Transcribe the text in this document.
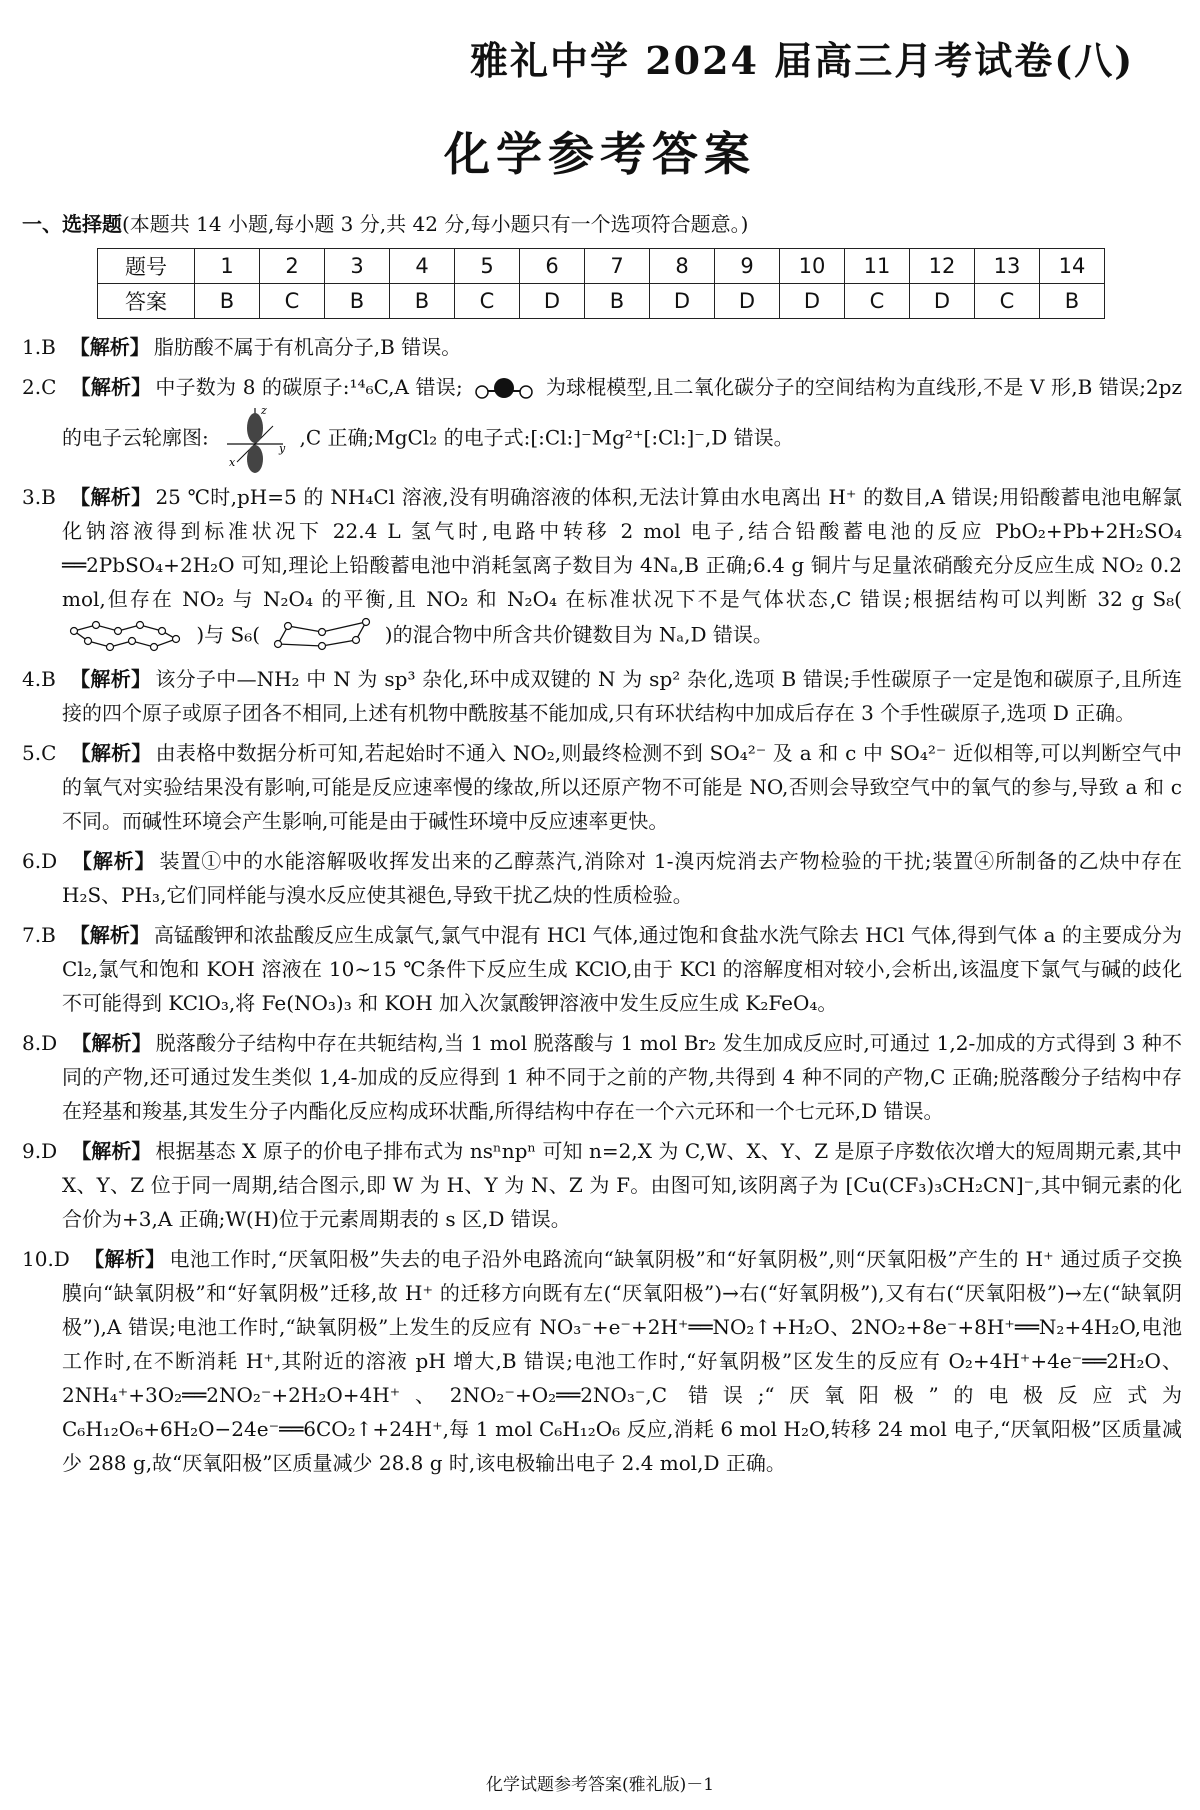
雅礼中学 2024 届高三月考试卷(八)
化学参考答案
一、选择题(本题共 14 小题,每小题 3 分,共 42 分,每小题只有一个选项符合题意。)
题号	1	2	3	4	5	6	7	8	9	10	11	12	13	14
答案	B	C	B	B	C	D	B	D	D	D	C	D	C	B
1.B 【解析】 脂肪酸不属于有机高分子,B 错误。
2.C 【解析】 中子数为 8 的碳原子:¹⁴₆C,A 错误;	为球棍模型,且二氧化碳分子的空间结构为直线形,不是 V 形,B 错误;2pz 的电子云轮廓图:
z
y
x
,C 正确;MgCl₂ 的电子式:[:Cl:]⁻Mg²⁺[:Cl:]⁻,D 错误。
3.B 【解析】 25 ℃时,pH=5 的 NH₄Cl 溶液,没有明确溶液的体积,无法计算由水电离出 H⁺ 的数目,A 错误;用铅酸蓄电池电解氯化钠溶液得到标准状况下 22.4 L 氢气时,电路中转移 2 mol 电子,结合铅酸蓄电池的反应 PbO₂+Pb+2H₂SO₄ ══2PbSO₄+2H₂O 可知,理论上铅酸蓄电池中消耗氢离子数目为 4Nₐ,B 正确;6.4 g 铜片与足量浓硝酸充分反应生成 NO₂ 0.2 mol,但存在 NO₂ 与 N₂O₄ 的平衡,且 NO₂ 和 N₂O₄ 在标准状况下不是气体状态,C 错误;根据结构可以判断 32 g S₈(  )与 S₆(	)的混合物中所含共价键数目为 Nₐ,D 错误。
4.B 【解析】 该分子中—NH₂ 中 N 为 sp³ 杂化,环中成双键的 N 为 sp² 杂化,选项 B 错误;手性碳原子一定是饱和碳原子,且所连接的四个原子或原子团各不相同,上述有机物中酰胺基不能加成,只有环状结构中加成后存在 3 个手性碳原子,选项 D 正确。
5.C 【解析】 由表格中数据分析可知,若起始时不通入 NO₂,则最终检测不到 SO₄²⁻ 及 a 和 c 中 SO₄²⁻ 近似相等,可以判断空气中的氧气对实验结果没有影响,可能是反应速率慢的缘故,所以还原产物不可能是 NO,否则会导致空气中的氧气的参与,导致 a 和 c 不同。而碱性环境会产生影响,可能是由于碱性环境中反应速率更快。
6.D 【解析】 装置①中的水能溶解吸收挥发出来的乙醇蒸汽,消除对 1-溴丙烷消去产物检验的干扰;装置④所制备的乙炔中存在 H₂S、PH₃,它们同样能与溴水反应使其褪色,导致干扰乙炔的性质检验。
7.B 【解析】 高锰酸钾和浓盐酸反应生成氯气,氯气中混有 HCl 气体,通过饱和食盐水洗气除去 HCl 气体,得到气体 a 的主要成分为 Cl₂,氯气和饱和 KOH 溶液在 10~15 ℃条件下反应生成 KClO,由于 KCl 的溶解度相对较小,会析出,该温度下氯气与碱的歧化不可能得到 KClO₃,将 Fe(NO₃)₃ 和 KOH 加入次氯酸钾溶液中发生反应生成 K₂FeO₄。
8.D 【解析】 脱落酸分子结构中存在共轭结构,当 1 mol 脱落酸与 1 mol Br₂ 发生加成反应时,可通过 1,2-加成的方式得到 3 种不同的产物,还可通过发生类似 1,4-加成的反应得到 1 种不同于之前的产物,共得到 4 种不同的产物,C 正确;脱落酸分子结构中存在羟基和羧基,其发生分子内酯化反应构成环状酯,所得结构中存在一个六元环和一个七元环,D 错误。
9.D 【解析】 根据基态 X 原子的价电子排布式为 nsⁿnpⁿ 可知 n=2,X 为 C,W、X、Y、Z 是原子序数依次增大的短周期元素,其中 X、Y、Z 位于同一周期,结合图示,即 W 为 H、Y 为 N、Z 为 F。由图可知,该阴离子为 [Cu(CF₃)₃CH₂CN]⁻,其中铜元素的化合价为+3,A 正确;W(H)位于元素周期表的 s 区,D 错误。
10.D 【解析】 电池工作时,“厌氧阳极”失去的电子沿外电路流向“缺氧阴极”和“好氧阴极”,则“厌氧阳极”产生的 H⁺ 通过质子交换膜向“缺氧阴极”和“好氧阴极”迁移,故 H⁺ 的迁移方向既有左(“厌氧阳极”)→右(“好氧阴极”),又有右(“厌氧阳极”)→左(“缺氧阴极”),A 错误;电池工作时,“缺氧阴极”上发生的反应有 NO₃⁻+e⁻+2H⁺══NO₂↑+H₂O、2NO₂+8e⁻+8H⁺══N₂+4H₂O,电池工作时,在不断消耗 H⁺,其附近的溶液 pH 增大,B 错误;电池工作时,“好氧阴极”区发生的反应有 O₂+4H⁺+4e⁻══2H₂O、2NH₄⁺+3O₂══2NO₂⁻+2H₂O+4H⁺、2NO₂⁻+O₂══2NO₃⁻,C 错误;“厌氧阳极”的电极反应式为 C₆H₁₂O₆+6H₂O−24e⁻══6CO₂↑+24H⁺,每 1 mol C₆H₁₂O₆ 反应,消耗 6 mol H₂O,转移 24 mol 电子,“厌氧阳极”区质量减少 288 g,故“厌氧阳极”区质量减少 28.8 g 时,该电极输出电子 2.4 mol,D 正确。
化学试题参考答案(雅礼版)－1
